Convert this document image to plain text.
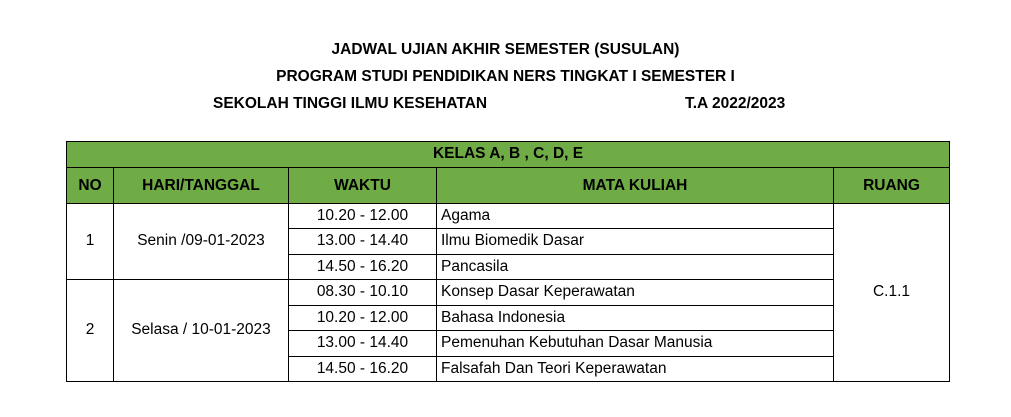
JADWAL UJIAN AKHIR SEMESTER (SUSULAN)
PROGRAM STUDI PENDIDIKAN NERS TINGKAT I SEMESTER I
SEKOLAH TINGGI ILMU KESEHATAN	T.A 2022/2023
KELAS A, B , C, D, E				
NO	HARI/TANGGAL	WAKTU	MATA KULIAH	RUANG
1	Senin /09-01-2023	10.20 - 12.00	Agama	C.1.1
		13.00 - 14.40	Ilmu Biomedik Dasar	
		14.50 - 16.20	Pancasila	
2	Selasa / 10-01-2023	08.30 - 10.10	Konsep Dasar Keperawatan	
		10.20 - 12.00	Bahasa Indonesia	
		13.00 - 14.40	Pemenuhan Kebutuhan Dasar Manusia	
		14.50 - 16.20	Falsafah Dan Teori Keperawatan	
